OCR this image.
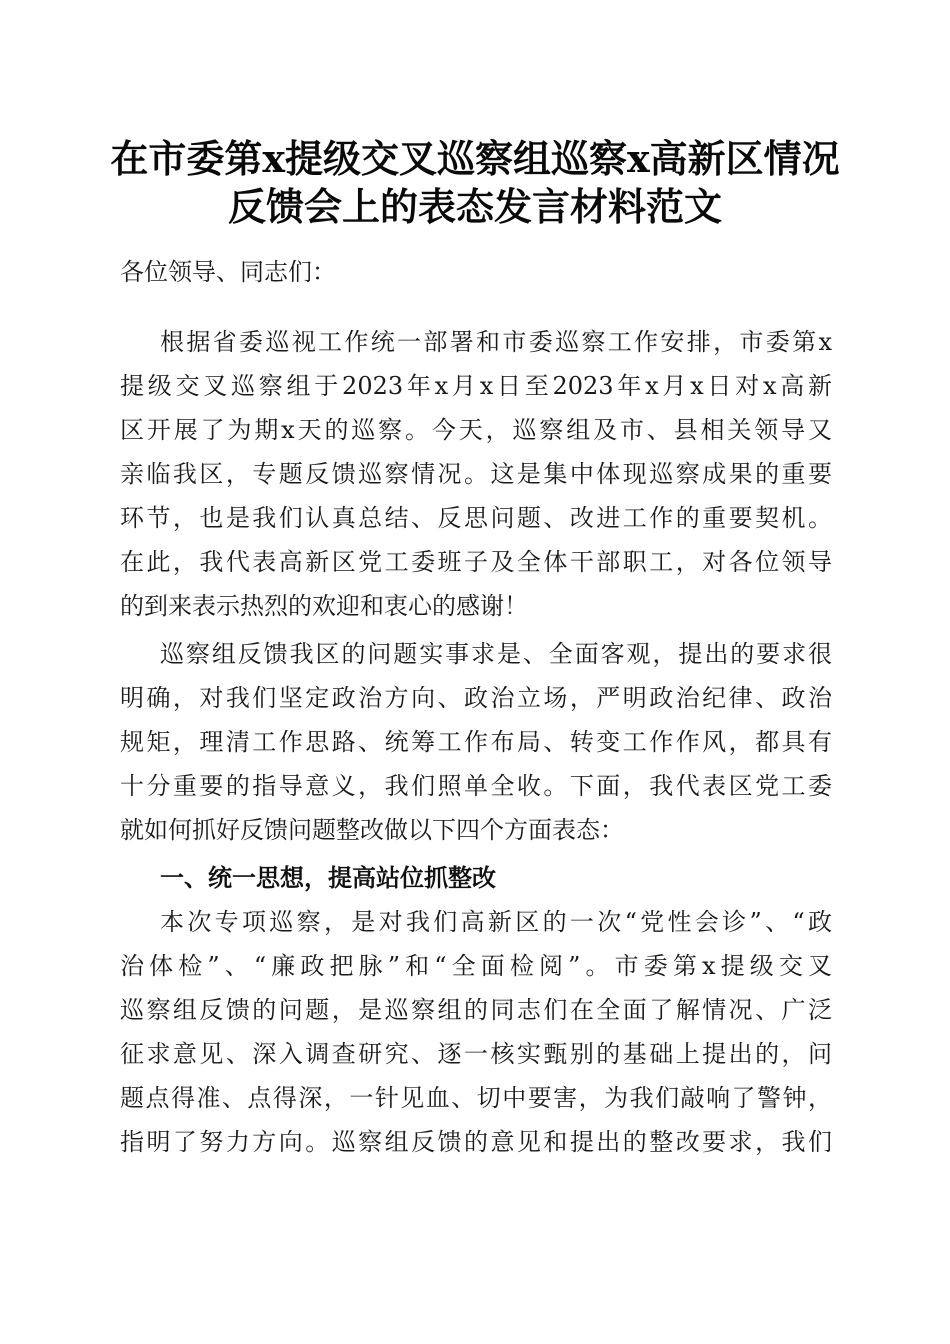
在市委第x提级交叉巡察组巡察x高新区情况
反馈会上的表态发言材料范文
各位领导、同志们：
根据省委巡视工作统一部署和市委巡察工作安排，市委第x
提级交叉巡察组于2023年x月x日至2023年x月x日对x高新
区开展了为期x天的巡察。今天，巡察组及市、县相关领导又
亲临我区，专题反馈巡察情况。这是集中体现巡察成果的重要
环节，也是我们认真总结、反思问题、改进工作的重要契机。
在此，我代表高新区党工委班子及全体干部职工，对各位领导
的到来表示热烈的欢迎和衷心的感谢！
巡察组反馈我区的问题实事求是、全面客观，提出的要求很
明确，对我们坚定政治方向、政治立场，严明政治纪律、政治
规矩，理清工作思路、统筹工作布局、转变工作作风，都具有
十分重要的指导意义，我们照单全收。下面，我代表区党工委
就如何抓好反馈问题整改做以下四个方面表态：
一、统一思想，提高站位抓整改
本次专项巡察，是对我们高新区的一次“党性会诊”、“政
治体检”、“廉政把脉”和“全面检阅”。市委第x提级交叉
巡察组反馈的问题，是巡察组的同志们在全面了解情况、广泛
征求意见、深入调查研究、逐一核实甄别的基础上提出的，问
题点得准、点得深，一针见血、切中要害，为我们敲响了警钟，
指明了努力方向。巡察组反馈的意见和提出的整改要求，我们
